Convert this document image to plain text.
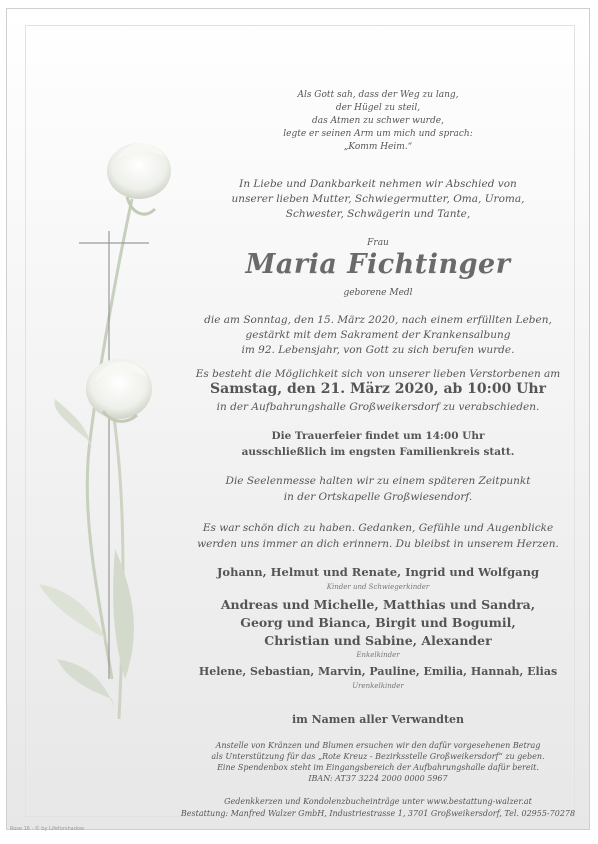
Als Gott sah, dass der Weg zu lang,
der Hügel zu steil,
das Atmen zu schwer wurde,
legte er seinen Arm um mich und sprach:
„Komm Heim.“
In Liebe und Dankbarkeit nehmen wir Abschied von
unserer lieben Mutter, Schwiegermutter, Oma, Uroma,
Schwester, Schwägerin und Tante,
Frau
Maria Fichtinger
geborene Medl
die am Sonntag, den 15. März 2020, nach einem erfüllten Leben,
gestärkt mit dem Sakrament der Krankensalbung
im 92. Lebensjahr, von Gott zu sich berufen wurde.
Es besteht die Möglichkeit sich von unserer lieben Verstorbenen am
Samstag, den 21. März 2020, ab 10:00 Uhr
in der Aufbahrungshalle Großweikersdorf zu verabschieden.
Die Trauerfeier findet um 14:00 Uhr
ausschließlich im engsten Familienkreis statt.
Die Seelenmesse halten wir zu einem späteren Zeitpunkt
in der Ortskapelle Großwiesendorf.
Es war schön dich zu haben. Gedanken, Gefühle und Augenblicke
werden uns immer an dich erinnern. Du bleibst in unserem Herzen.
Johann, Helmut und Renate, Ingrid und Wolfgang
Kinder und Schwiegerkinder
Andreas und Michelle, Matthias und Sandra,
Georg und Bianca, Birgit und Bogumil,
Christian und Sabine, Alexander
Enkelkinder
Helene, Sebastian, Marvin, Pauline, Emilia, Hannah, Elias
Urenkelkinder
im Namen aller Verwandten
Anstelle von Kränzen und Blumen ersuchen wir den dafür vorgesehenen Betrag
als Unterstützung für das „Rote Kreuz - Bezirksstelle Großweikersdorf“ zu geben.
Eine Spendenbox steht im Eingangsbereich der Aufbahrungshalle dafür bereit.
IBAN: AT37 3224 2000 0000 5967
Gedenkkerzen und Kondolenzbucheinträge unter www.bestattung-walzer.at
Bestattung: Manfred Walzer GmbH, Industriestrasse 1, 3701 Großweikersdorf, Tel. 02955-70278
Rose 16 · © by Lifeforshadow
